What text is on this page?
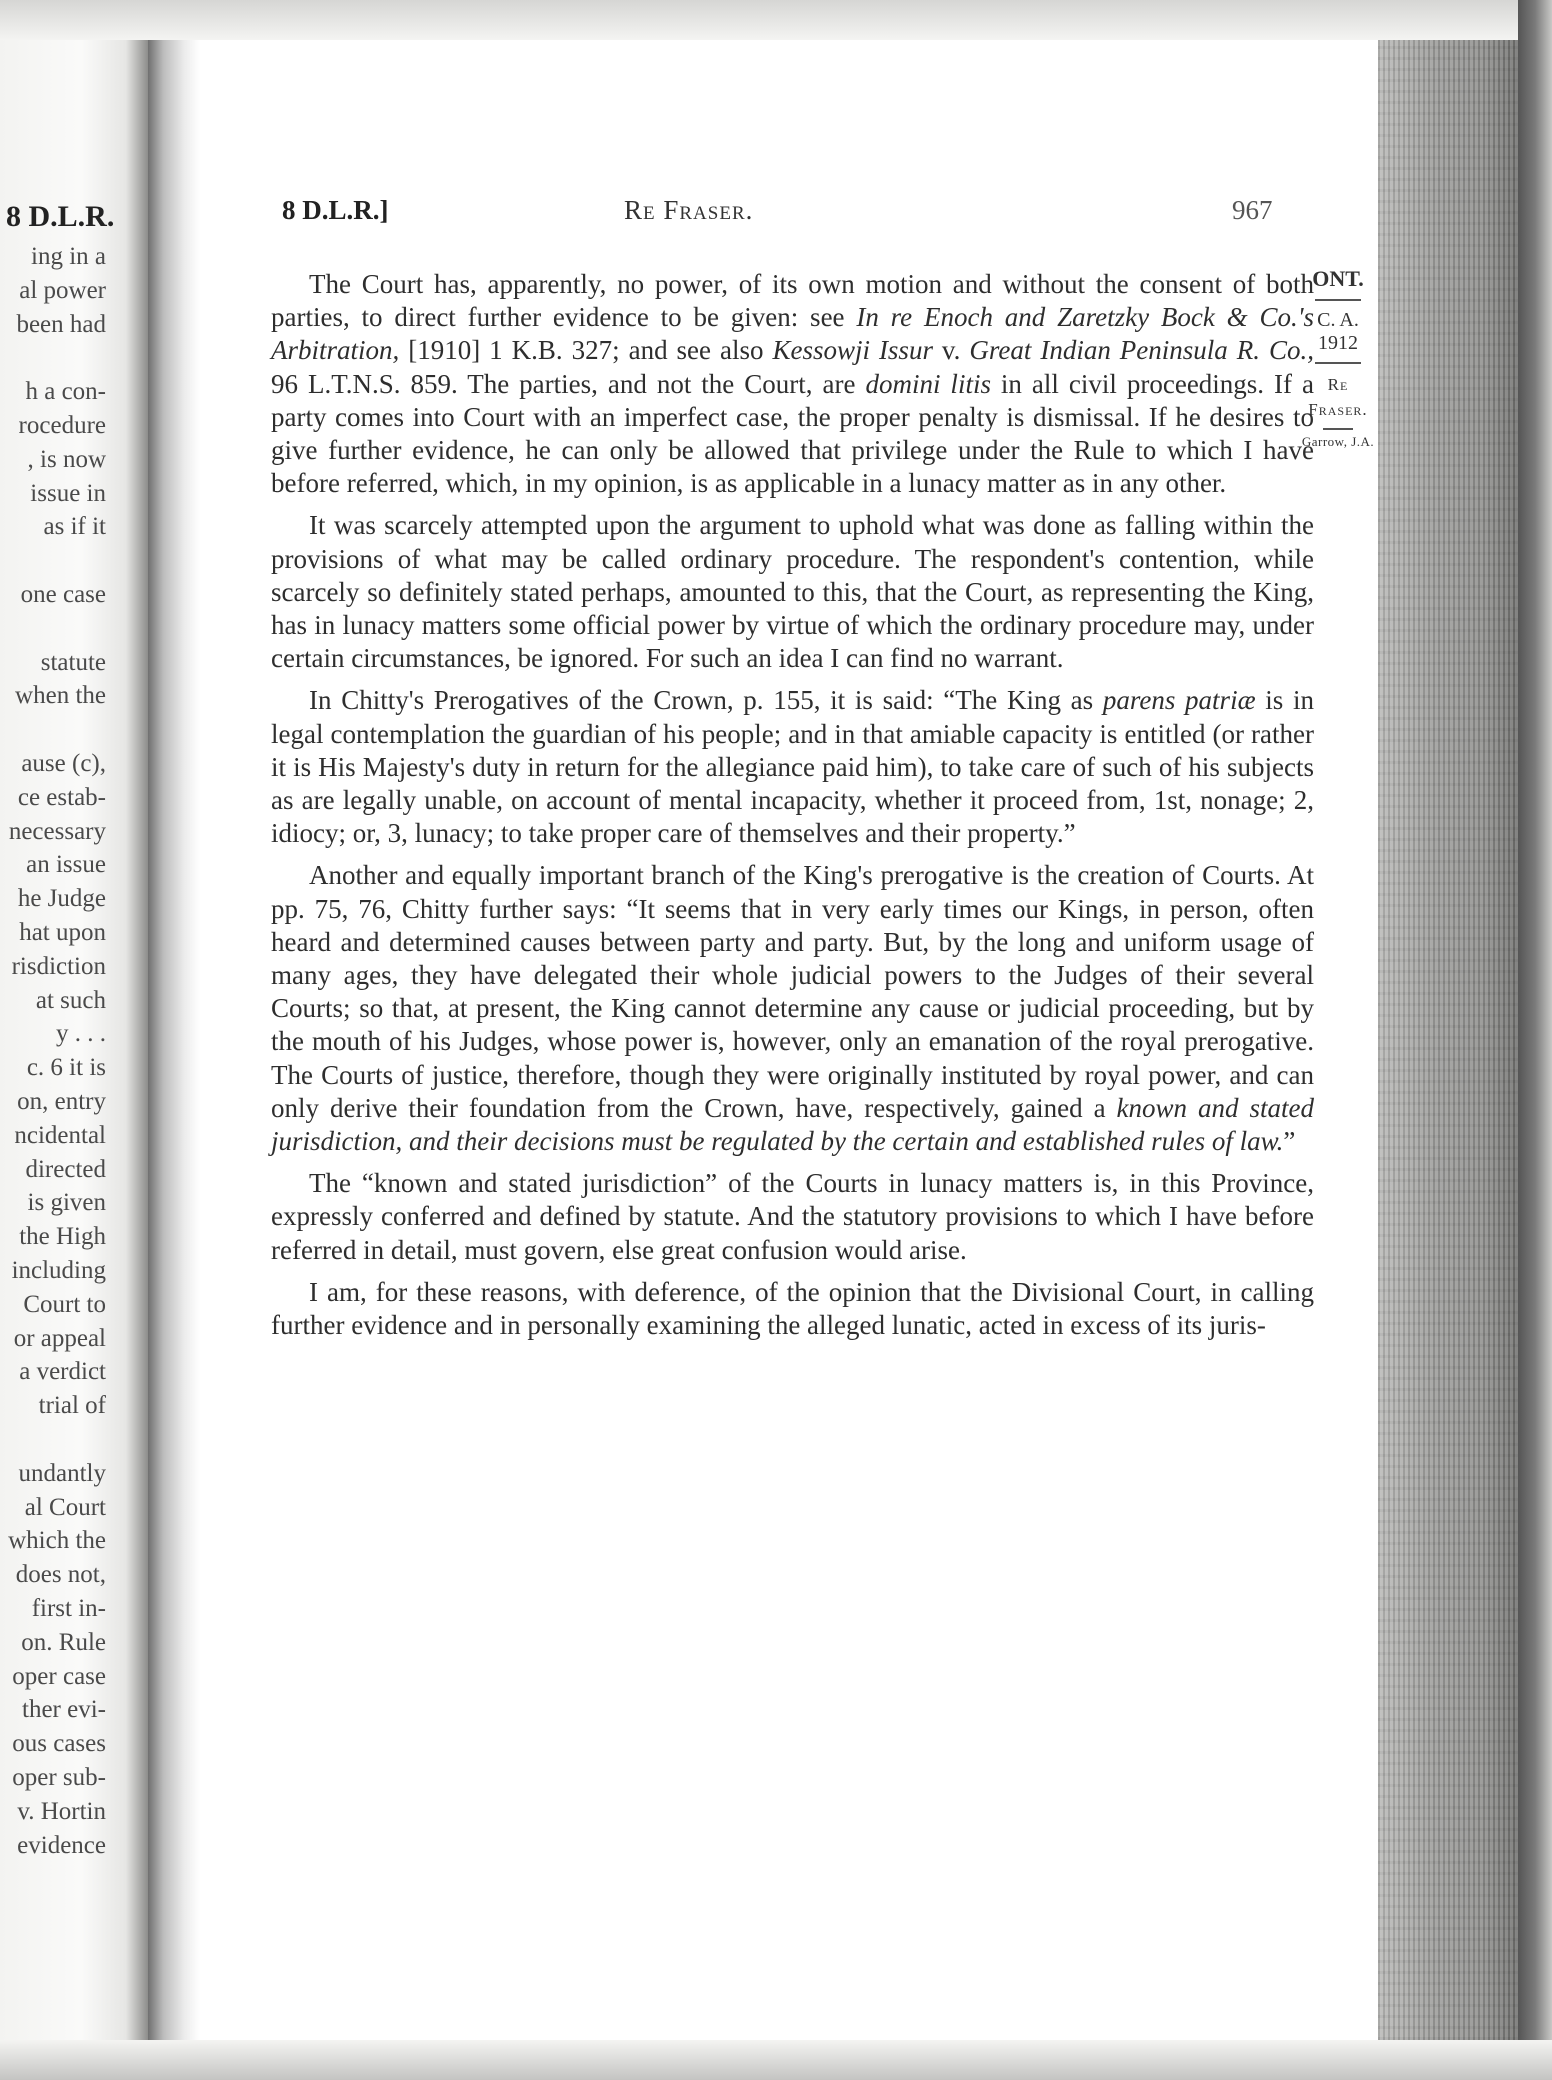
8 D.L.R.
ing in a
al power
been had
h a con-
rocedure
, is now
issue in
as if it
one case
statute
when the
ause (c),
ce estab-
necessary
an issue
he Judge
hat upon
risdiction
at such
y . . .
c. 6 it is
on, entry
ncidental
directed
is given
the High
including
Court to
or appeal
a verdict
trial of
undantly
al Court
which the
does not,
first in-
on. Rule
oper case
ther evi-
ous cases
oper sub-
v. Hortin
evidence
8 D.L.R.]	Re Fraser.	967

The Court has, apparently, no power, of its own motion and without the consent of both parties, to direct further evidence to be given: see In re Enoch and Zaretzky Bock & Co.'s Arbitration, [1910] 1 K.B. 327; and see also Kessowji Issur v. Great Indian Peninsula R. Co., 96 L.T.N.S. 859. The parties, and not the Court, are domini litis in all civil proceedings. If a party comes into Court with an imperfect case, the proper penalty is dismissal. If he desires to give further evidence, he can only be allowed that privilege under the Rule to which I have before referred, which, in my opinion, is as applicable in a lunacy matter as in any other.

It was scarcely attempted upon the argument to uphold what was done as falling within the provisions of what may be called ordinary procedure. The respondent's contention, while scarcely so definitely stated perhaps, amounted to this, that the Court, as representing the King, has in lunacy matters some official power by virtue of which the ordinary procedure may, under certain circumstances, be ignored. For such an idea I can find no warrant.

In Chitty's Prerogatives of the Crown, p. 155, it is said: “The King as parens patriæ is in legal contemplation the guardian of his people; and in that amiable capacity is entitled (or rather it is His Majesty's duty in return for the allegiance paid him), to take care of such of his subjects as are legally unable, on account of mental incapacity, whether it proceed from, 1st, nonage; 2, idiocy; or, 3, lunacy; to take proper care of themselves and their property.”

Another and equally important branch of the King's prerogative is the creation of Courts. At pp. 75, 76, Chitty further says: “It seems that in very early times our Kings, in person, often heard and determined causes between party and party. But, by the long and uniform usage of many ages, they have delegated their whole judicial powers to the Judges of their several Courts; so that, at present, the King cannot determine any cause or judicial proceeding, but by the mouth of his Judges, whose power is, however, only an emanation of the royal prerogative. The Courts of justice, therefore, though they were originally instituted by royal power, and can only derive their foundation from the Crown, have, respectively, gained a known and stated jurisdiction, and their decisions must be regulated by the certain and established rules of law.”

The “known and stated jurisdiction” of the Courts in lunacy matters is, in this Province, expressly conferred and defined by statute. And the statutory provisions to which I have before referred in detail, must govern, else great confusion would arise.

I am, for these reasons, with deference, of the opinion that the Divisional Court, in calling further evidence and in personally examining the alleged lunatic, acted in excess of its juris-

ONT.
C. A.
1912
Re
Fraser.
Garrow, J.A.
